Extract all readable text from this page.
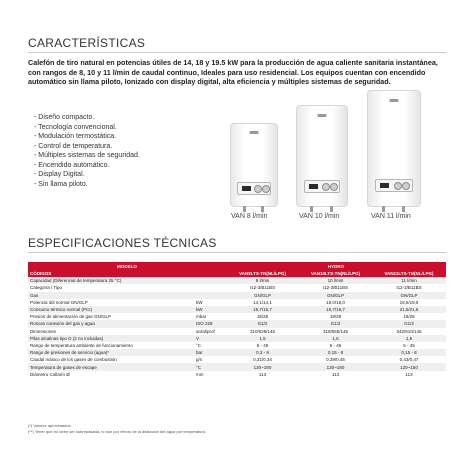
CARACTERÍSTICAS

Calefón de tiro natural en potencias útiles de 14, 18 y 19.5 kW para la producción de agua caliente sanitaria instantánea, con rangos de 8, 10 y 11 l/min de caudal continuo, Ideales para uso residencial. Los equipos cuentan con encendido automático sin llama piloto, Ionizado con display digital, alta eficiencia y múltiples sistemas de seguridad.

- Diseño compacto.
- Tecnología convencional.
- Modulación termostática.
- Control de temperatura.
- Múltiples sistemas de seguridad.
- Encendido automático.
- Display Digital.
- Sin llama piloto.
VAN 8 l/min	VAN 10 l/min	VAN 11 l/min
ESPECIFICACIONES TÉCNICAS
MODELO		HYDRO		
CÓDIGOS		VAN8LTS-TN(NL/LPG)	VAN10LTS-TN(NL/LPG)	VAN11LTS-TN(NL/LPG)
Capacidad (Diferencial de temperatura 25 °C)		8 l/min	10 l/min	11 l/min
Categoría / Tipo		I12-3/B11BS	I12-3/B11BS	I12-3/B11BS
Gas		GN/GLP	GN/GLP	GN/GLP
Potencia útil normal GN/GLP	kW	14,1/14,1	18,0/18,0	19,5/19,5
Consumo térmico normal (PCI)	kW	15,7/15,7	19,7/19,7	21,5/21,5
Presión de alimentación de gas GN/GLP	mbar	18/28	18/28	18/28
Roscas conexión del gas y agua	ISO 228	G1/2	G1/2	G1/2
Dimensiones	an/al/prof	310/529/145	318/550/145	342/610/145
Pilas alcalinas tipo D (2 no incluidas)	V	1,5	1,5	1,5
Rango de temperatura ambiente de funcionamiento	°C	5 - 45	5 - 45	5 - 45
Rango de presiones de servicio (agua)*	bar	0,3 - 8	0,15 - 8	0,15 - 8
Caudal másico de los gases de combustión	g/s	0,31/0,34	0,39/0,45	0,43/0,47
Temperatura de gases de escape	°C	130~180	130~180	120~150
Diámetro Collarín Ø	mm	113	113	113
(*) Valores aproximados.
(**) Tener que no debe ser sobrepasada, ni aún por efecto de la dilatación del agua por temperatura.
